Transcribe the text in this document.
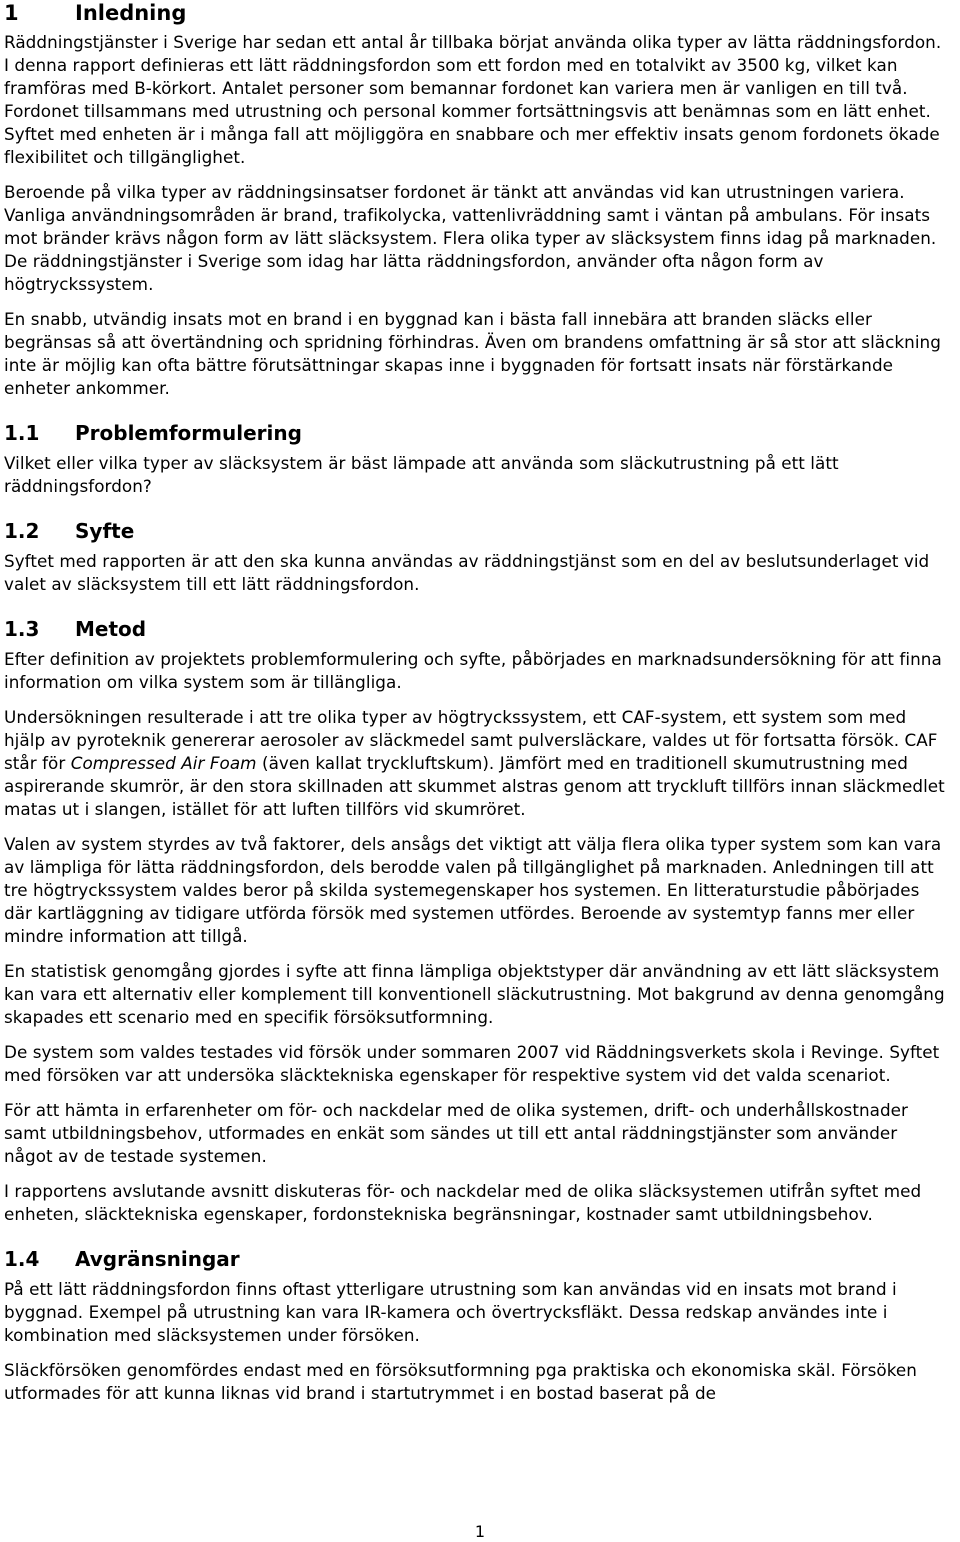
1	Inledning

Räddningstjänster i Sverige har sedan ett antal år tillbaka börjat använda olika typer av lätta räddningsfordon. I denna rapport definieras ett lätt räddningsfordon som ett fordon med en totalvikt av 3500 kg, vilket kan framföras med B-körkort. Antalet personer som bemannar fordonet kan variera men är vanligen en till två. Fordonet tillsammans med utrustning och personal kommer fortsättningsvis att benämnas som en lätt enhet. Syftet med enheten är i många fall att möjliggöra en snabbare och mer effektiv insats genom fordonets ökade flexibilitet och tillgänglighet.

Beroende på vilka typer av räddningsinsatser fordonet är tänkt att användas vid kan utrustningen variera. Vanliga användningsområden är brand, trafikolycka, vattenlivräddning samt i väntan på ambulans. För insats mot bränder krävs någon form av lätt släcksystem. Flera olika typer av släcksystem finns idag på marknaden. De räddningstjänster i Sverige som idag har lätta räddningsfordon, använder ofta någon form av högtryckssystem.

En snabb, utvändig insats mot en brand i en byggnad kan i bästa fall innebära att branden släcks eller begränsas så att övertändning och spridning förhindras. Även om brandens omfattning är så stor att släckning inte är möjlig kan ofta bättre förutsättningar skapas inne i byggnaden för fortsatt insats när förstärkande enheter ankommer.

1.1	Problemformulering

Vilket eller vilka typer av släcksystem är bäst lämpade att använda som släckutrustning på ett lätt räddningsfordon?

1.2	Syfte

Syftet med rapporten är att den ska kunna användas av räddningstjänst som en del av beslutsunderlaget vid valet av släcksystem till ett lätt räddningsfordon.

1.3	Metod

Efter definition av projektets problemformulering och syfte, påbörjades en marknadsundersökning för att finna information om vilka system som är tillängliga.

Undersökningen resulterade i att tre olika typer av högtryckssystem, ett CAF-system, ett system som med hjälp av pyroteknik genererar aerosoler av släckmedel samt pulversläckare, valdes ut för fortsatta försök. CAF står för Compressed Air Foam (även kallat tryckluftskum). Jämfört med en traditionell skumutrustning med aspirerande skumrör, är den stora skillnaden att skummet alstras genom att tryckluft tillförs innan släckmedlet matas ut i slangen, istället för att luften tillförs vid skumröret.

Valen av system styrdes av två faktorer, dels ansågs det viktigt att välja flera olika typer system som kan vara av lämpliga för lätta räddningsfordon, dels berodde valen på tillgänglighet på marknaden. Anledningen till att tre högtryckssystem valdes beror på skilda systemegenskaper hos systemen. En litteraturstudie påbörjades där kartläggning av tidigare utförda försök med systemen utfördes. Beroende av systemtyp fanns mer eller mindre information att tillgå.

En statistisk genomgång gjordes i syfte att finna lämpliga objektstyper där användning av ett lätt släcksystem kan vara ett alternativ eller komplement till konventionell släckutrustning. Mot bakgrund av denna genomgång skapades ett scenario med en specifik försöksutformning.

De system som valdes testades vid försök under sommaren 2007 vid Räddningsverkets skola i Revinge. Syftet med försöken var att undersöka släcktekniska egenskaper för respektive system vid det valda scenariot.

För att hämta in erfarenheter om för- och nackdelar med de olika systemen, drift- och underhållskostnader samt utbildningsbehov, utformades en enkät som sändes ut till ett antal räddningstjänster som använder något av de testade systemen.

I rapportens avslutande avsnitt diskuteras för- och nackdelar med de olika släcksystemen utifrån syftet med enheten, släcktekniska egenskaper, fordonstekniska begränsningar, kostnader samt utbildningsbehov.

1.4	Avgränsningar

På ett lätt räddningsfordon finns oftast ytterligare utrustning som kan användas vid en insats mot brand i byggnad. Exempel på utrustning kan vara IR-kamera och övertrycksfläkt. Dessa redskap användes inte i kombination med släcksystemen under försöken.

Släckförsöken genomfördes endast med en försöksutformning pga praktiska och ekonomiska skäl. Försöken utformades för att kunna liknas vid brand i startutrymmet i en bostad baserat på de

1
